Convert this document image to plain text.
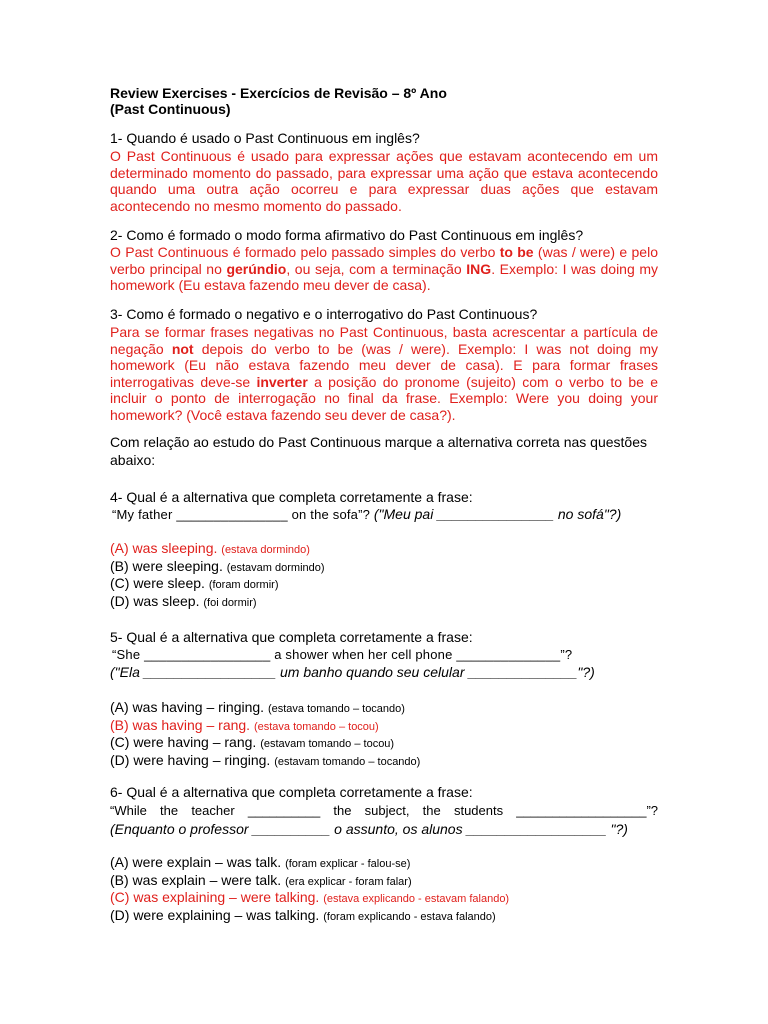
Review Exercises - Exercícios de Revisão – 8º Ano
(Past Continuous)
1- Quando é usado o Past Continuous em inglês?
O Past Continuous é usado para expressar ações que estavam acontecendo em um determinado momento do passado, para expressar uma ação que estava acontecendo quando uma outra ação ocorreu e para expressar duas ações que estavam acontecendo no mesmo momento do passado.
2- Como é formado o modo forma afirmativo do Past Continuous em inglês?
O Past Continuous é formado pelo passado simples do verbo to be (was / were) e pelo verbo principal no gerúndio, ou seja, com a terminação ING. Exemplo: I was doing my homework (Eu estava fazendo meu dever de casa).
3- Como é formado o negativo e o interrogativo do Past Continuous?
Para se formar frases negativas no Past Continuous, basta acrescentar a partícula de negação not depois do verbo to be (was / were). Exemplo: I was not doing my homework (Eu não estava fazendo meu dever de casa). E para formar frases interrogativas deve-se inverter a posição do pronome (sujeito) com o verbo to be e incluir o ponto de interrogação no final da frase. Exemplo: Were you doing your homework? (Você estava fazendo seu dever de casa?).
Com relação ao estudo do Past Continuous marque a alternativa correta nas questões abaixo:
4- Qual é a alternativa que completa corretamente a frase:
“My father _______________ on the sofa”? ("Meu pai _______________ no sofá"?)
(A) was sleeping. (estava dormindo)
(B) were sleeping. (estavam dormindo)
(C) were sleep. (foram dormir)
(D) was sleep. (foi dormir)
5- Qual é a alternativa que completa corretamente a frase:
“She _________________ a shower when her cell phone ______________”?
("Ela _________________ um banho quando seu celular ______________"?)
(A) was having – ringing. (estava tomando – tocando)
(B) was having – rang. (estava tomando – tocou)
(C) were having – rang. (estavam tomando – tocou)
(D) were having – ringing. (estavam tomando – tocando)
6- Qual é a alternativa que completa corretamente a frase:
“While the teacher __________ the subject, the students __________________”?
(Enquanto o professor __________ o assunto, os alunos __________________ "?)
(A) were explain – was talk. (foram explicar - falou-se)
(B) was explain – were talk. (era explicar - foram falar)
(C) was explaining – were talking. (estava explicando - estavam falando)
(D) were explaining – was talking. (foram explicando - estava falando)
